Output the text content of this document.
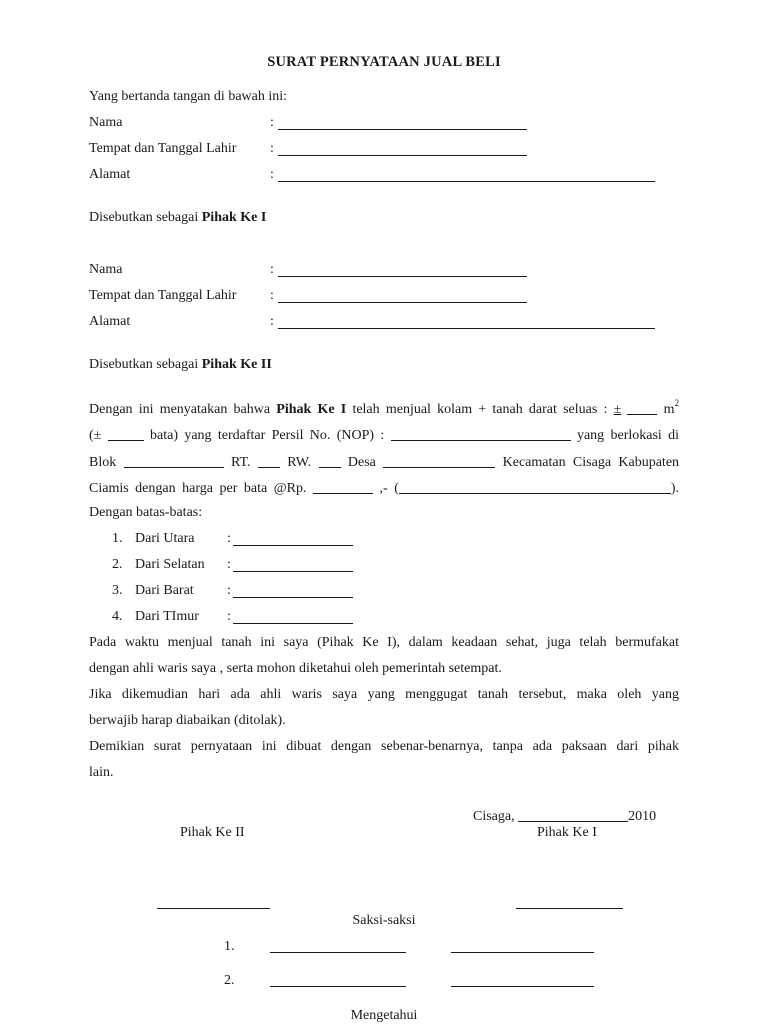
SURAT PERNYATAAN JUAL BELI
Yang bertanda tangan di bawah ini:
Nama	:
Tempat dan Tanggal Lahir :
Alamat	:
Disebutkan sebagai Pihak Ke I
Nama	:
Tempat dan Tanggal Lahir :
Alamat	:
Disebutkan sebagai Pihak Ke II
Dengan ini menyatakan bahwa Pihak Ke I telah menjual kolam + tanah darat seluas : ±	$m^2$
(±	bata) yang terdaftar Persil No. (NOP) :	yang berlokasi di
Blok	RT.	RW.	Desa	Kecamatan Cisaga Kabupaten
Ciamis dengan harga per bata @Rp.	,- (	).
Dengan batas-batas:
1. Dari Utara :
2. Dari Selatan :
3. Dari Barat :
4. Dari TImur :
Pada waktu menjual tanah ini saya (Pihak Ke I), dalam keadaan sehat, juga telah bermufakat
dengan ahli waris saya , serta mohon diketahui oleh pemerintah setempat.
Jika dikemudian hari ada ahli waris saya yang menggugat tanah tersebut, maka oleh yang
berwajib harap diabaikan (ditolak).
Demikian surat pernyataan ini dibuat dengan sebenar-benarnya, tanpa ada paksaan dari pihak
lain.
Cisaga,	2010
Pihak Ke II	Pihak Ke I
Saksi-saksi
1.
2.
Mengetahui
